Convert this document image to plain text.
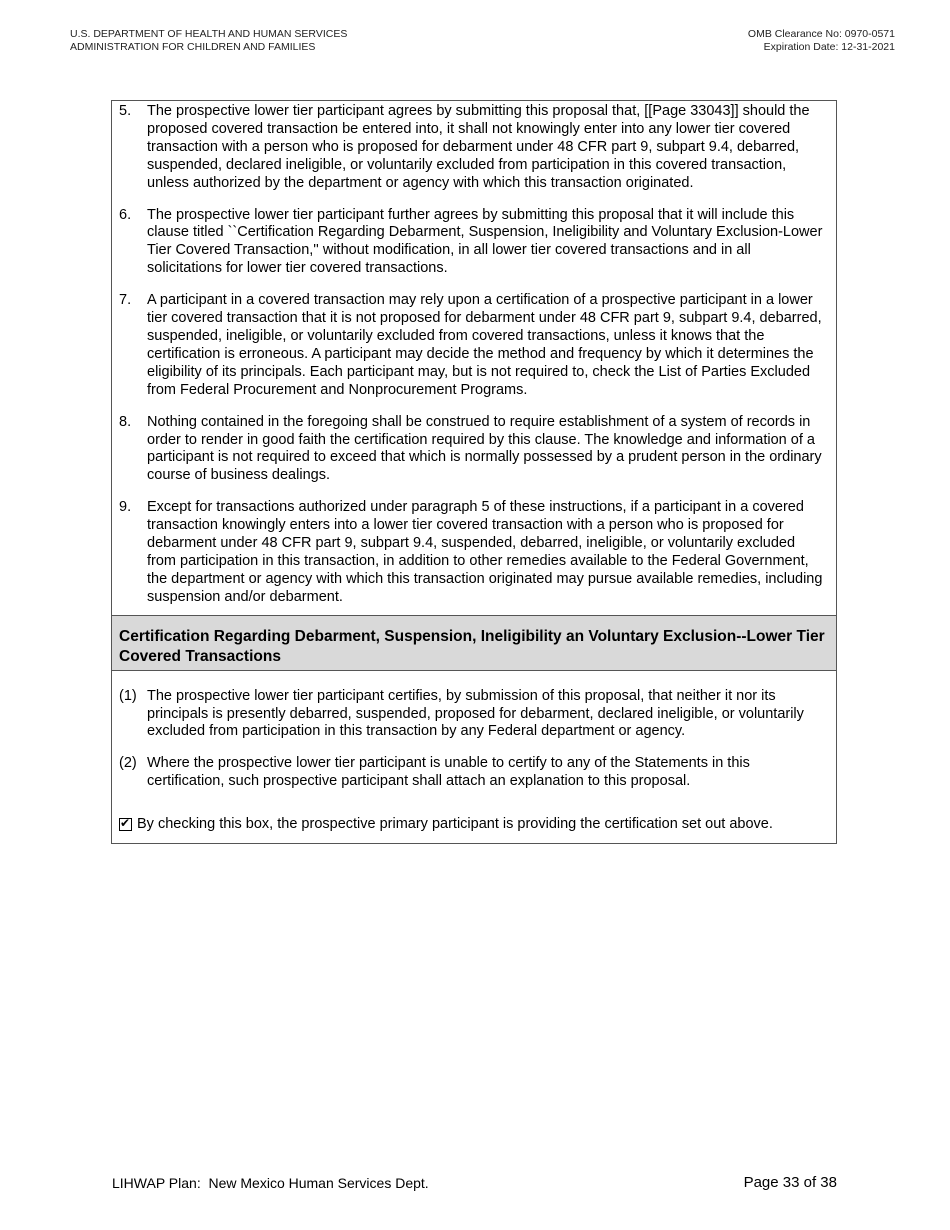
U.S. DEPARTMENT OF HEALTH AND HUMAN SERVICES
ADMINISTRATION FOR CHILDREN AND FAMILIES
OMB Clearance No: 0970-0571
Expiration Date: 12-31-2021
5.	The prospective lower tier participant agrees by submitting this proposal that, [[Page 33043]] should the proposed covered transaction be entered into, it shall not knowingly enter into any lower tier covered transaction with a person who is proposed for debarment under 48 CFR part 9, subpart 9.4, debarred, suspended, declared ineligible, or voluntarily excluded from participation in this covered transaction, unless authorized by the department or agency with which this transaction originated.
6.	The prospective lower tier participant further agrees by submitting this proposal that it will include this clause titled ``Certification Regarding Debarment, Suspension, Ineligibility and Voluntary Exclusion-Lower Tier Covered Transaction,'' without modification, in all lower tier covered transactions and in all solicitations for lower tier covered transactions.
7.	A participant in a covered transaction may rely upon a certification of a prospective participant in a lower tier covered transaction that it is not proposed for debarment under 48 CFR part 9, subpart 9.4, debarred, suspended, ineligible, or voluntarily excluded from covered transactions, unless it knows that the certification is erroneous. A participant may decide the method and frequency by which it determines the eligibility of its principals. Each participant may, but is not required to, check the List of Parties Excluded from Federal Procurement and Nonprocurement Programs.
8.	Nothing contained in the foregoing shall be construed to require establishment of a system of records in order to render in good faith the certification required by this clause. The knowledge and information of a participant is not required to exceed that which is normally possessed by a prudent person in the ordinary course of business dealings.
9.	Except for transactions authorized under paragraph 5 of these instructions, if a participant in a covered transaction knowingly enters into a lower tier covered transaction with a person who is proposed for debarment under 48 CFR part 9, subpart 9.4, suspended, debarred, ineligible, or voluntarily excluded from participation in this transaction, in addition to other remedies available to the Federal Government, the department or agency with which this transaction originated may pursue available remedies, including suspension and/or debarment.
Certification Regarding Debarment, Suspension, Ineligibility an Voluntary Exclusion--Lower Tier Covered Transactions
(1) The prospective lower tier participant certifies, by submission of this proposal, that neither it nor its principals is presently debarred, suspended, proposed for debarment, declared ineligible, or voluntarily excluded from participation in this transaction by any Federal department or agency.
(2) Where the prospective lower tier participant is unable to certify to any of the Statements in this certification, such prospective participant shall attach an explanation to this proposal.
✔ By checking this box, the prospective primary participant is providing the certification set out above.
LIHWAP Plan:  New Mexico Human Services Dept.	Page 33 of 38
